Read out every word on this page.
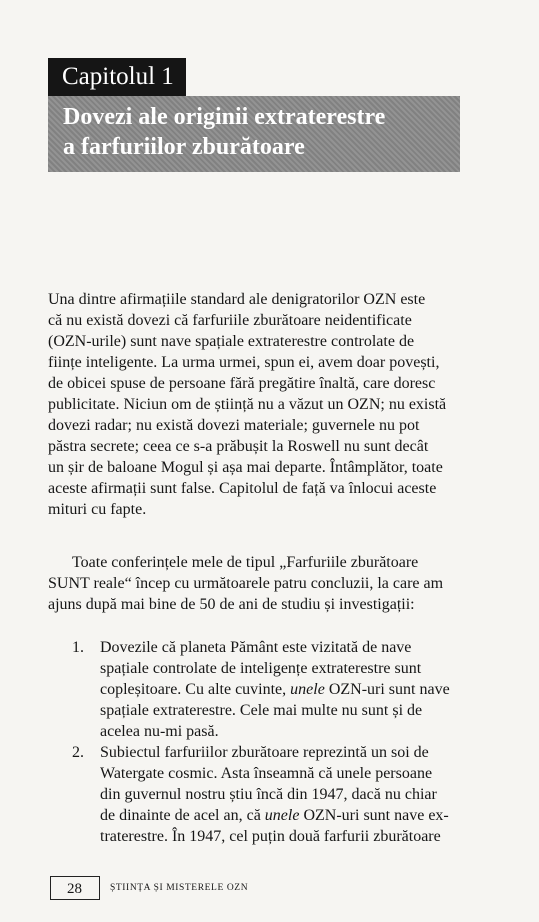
Capitolul 1
Dovezi ale originii extraterestre
a farfuriilor zburătoare
Una dintre afirmațiile standard ale denigratorilor OZN este
că nu există dovezi că farfuriile zburătoare neidentificate
(OZN-urile) sunt nave spațiale extraterestre controlate de
ființe inteligente. La urma urmei, spun ei, avem doar povești,
de obicei spuse de persoane fără pregătire înaltă, care doresc
publicitate. Niciun om de știință nu a văzut un OZN; nu există
dovezi radar; nu există dovezi materiale; guvernele nu pot
păstra secrete; ceea ce s-a prăbușit la Roswell nu sunt decât
un șir de baloane Mogul și așa mai departe. Întâmplător, toate
aceste afirmații sunt false. Capitolul de față va înlocui aceste
mituri cu fapte.
Toate conferințele mele de tipul „Farfuriile zburătoare
SUNT reale“ încep cu următoarele patru concluzii, la care am
ajuns după mai bine de 50 de ani de studiu și investigații:
1. Dovezile că planeta Pământ este vizitată de nave
spațiale controlate de inteligențe extraterestre sunt
copleșitoare. Cu alte cuvinte, unele OZN-uri sunt nave
spațiale extraterestre. Cele mai multe nu sunt și de
acelea nu-mi pasă.
2. Subiectul farfuriilor zburătoare reprezintă un soi de
Watergate cosmic. Asta înseamnă că unele persoane
din guvernul nostru știu încă din 1947, dacă nu chiar
de dinainte de acel an, că unele OZN-uri sunt nave ex-
traterestre. În 1947, cel puțin două farfurii zburătoare
28	ȘTIINȚA ȘI MISTERELE OZN
